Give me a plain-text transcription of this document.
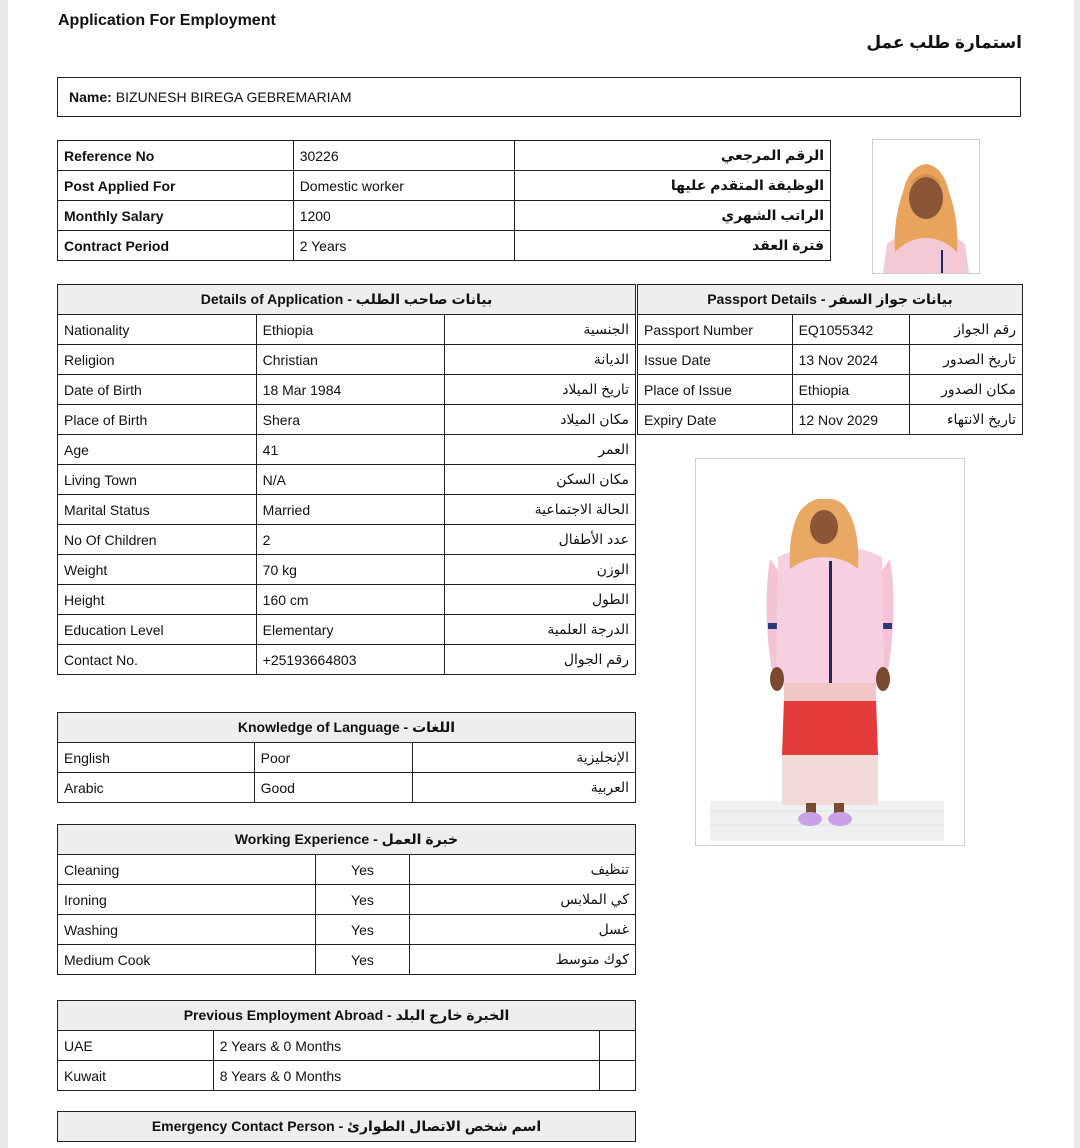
Application For Employment
استمارة طلب عمل
Name: BIZUNESH BIREGA GEBREMARIAM
Reference No	30226	الرقم المرجعي
Post Applied For	Domestic worker	الوظيفة المتقدم عليها
Monthly Salary	1200	الراتب الشهري
Contract Period	2 Years	فترة العقد
Details of Application - بيانات صاحب الطلب		
Nationality	Ethiopia	الجنسية
Religion	Christian	الديانة
Date of Birth	18 Mar 1984	تاريخ الميلاد
Place of Birth	Shera	مكان الميلاد
Age	41	العمر
Living Town	N/A	مكان السكن
Marital Status	Married	الحالة الاجتماعية
No Of Children	2	عدد الأطفال
Weight	70 kg	الوزن
Height	160 cm	الطول
Education Level	Elementary	الدرجة العلمية
Contact No.	+25193664803	رقم الجوال
Passport Details - بيانات جواز السفر		
Passport Number	EQ1055342	رقم الجواز
Issue Date	13 Nov 2024	تاريخ الصدور
Place of Issue	Ethiopia	مكان الصدور
Expiry Date	12 Nov 2029	تاريخ الانتهاء
Knowledge of Language - اللغات		
English	Poor	الإنجليزية
Arabic	Good	العربية
Working Experience - خبرة العمل		
Cleaning	Yes	تنظيف
Ironing	Yes	كي الملابس
Washing	Yes	غسل
Medium Cook	Yes	كوك متوسط
Previous Employment Abroad - الخبرة خارج البلد		
UAE	2 Years & 0 Months	
Kuwait	8 Years & 0 Months	
Emergency Contact Person - اسم شخص الاتصال الطوارئ
